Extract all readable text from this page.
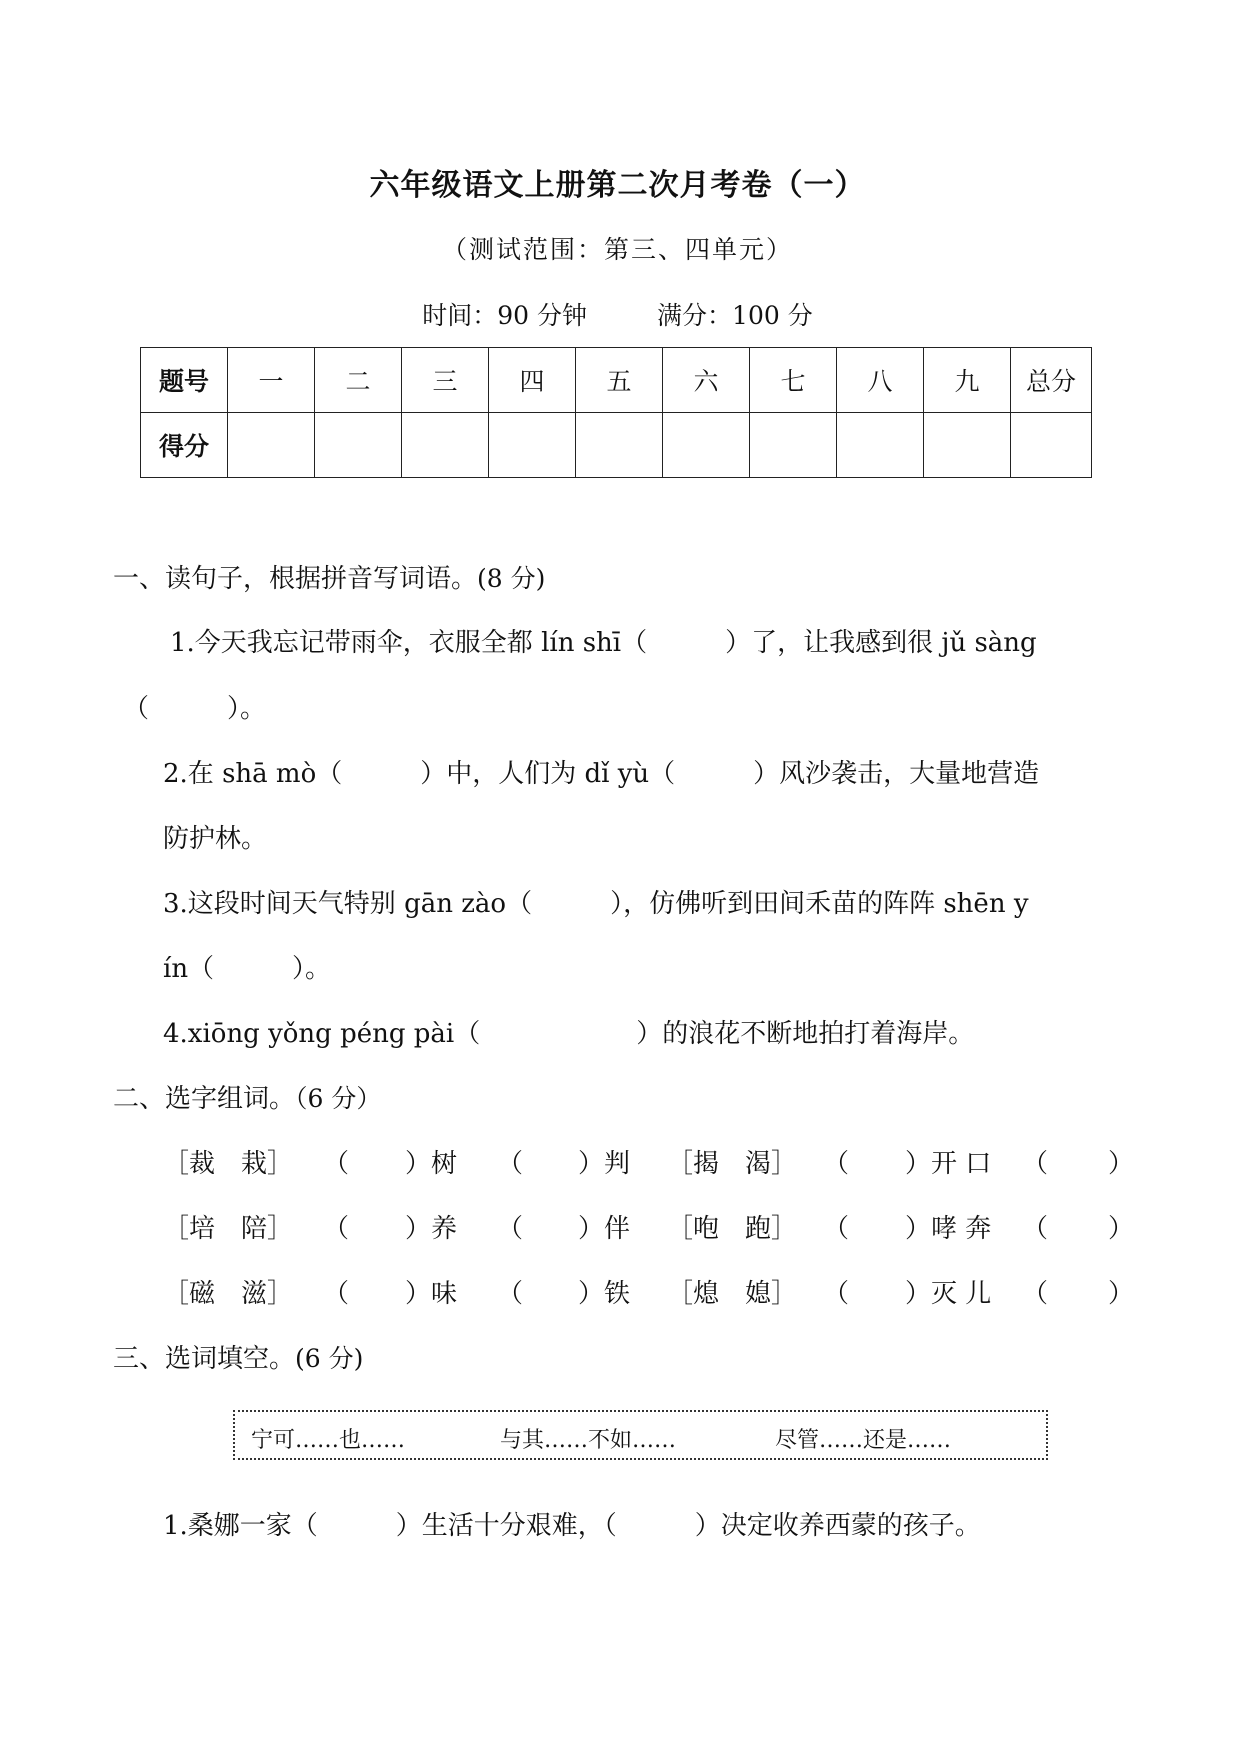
六年级语文上册第二次月考卷（一）
（测试范围：第三、四单元）
时间：90 分钟	满分：100 分
题号	一	二	三	四	五	六	七	八	九	总分
得分										
一、读句子，根据拼音写词语。(8 分)
1.今天我忘记带雨伞，衣服全都 lín shī（　　　）了，让我感到很 jǔ sàng
（　　　）。
2.在 shā mò（　　　）中，人们为 dǐ yù（　　　）风沙袭击，大量地营造
防护林。
3.这段时间天气特别 gān zào（　　　），仿佛听到田间禾苗的阵阵 shēn y
ín（　　　）。
4.xiōng yǒng péng pài（　　　　　　）的浪花不断地拍打着海岸。
二、选字组词。（6 分）
［裁　栽］ （ ）树 （ ）判 ［揭　渴］ （ ）开 口 （ ）
［培　陪］ （ ）养 （ ）伴 ［咆　跑］ （ ）哮 奔 （ ）
［磁　滋］ （ ）味 （ ）铁 ［熄　媳］ （ ）灭 儿 （ ）
三、选词填空。(6 分)
宁可……也……	与其……不如……	尽管……还是……
1.桑娜一家（　　　）生活十分艰难，（　　　）决定收养西蒙的孩子。
